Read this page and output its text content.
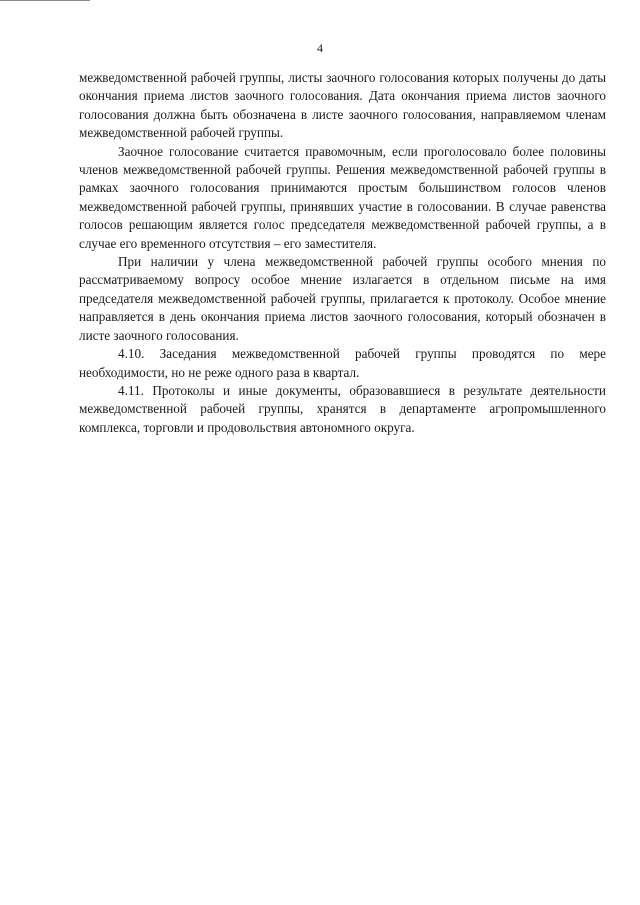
4

межведомственной рабочей группы, листы заочного голосования которых получены до даты окончания приема листов заочного голосования. Дата окончания приема листов заочного голосования должна быть обозначена в листе заочного голосования, направляемом членам межведомственной рабочей группы.

Заочное голосование считается правомочным, если проголосовало более половины членов межведомственной рабочей группы. Решения межведомственной рабочей группы в рамках заочного голосования принимаются простым большинством голосов членов межведомственной рабочей группы, принявших участие в голосовании. В случае равенства голосов решающим является голос председателя межведомственной рабочей группы, а в случае его временного отсутствия – его заместителя.

При наличии у члена межведомственной рабочей группы особого мнения по рассматриваемому вопросу особое мнение излагается в отдельном письме на имя председателя межведомственной рабочей группы, прилагается к протоколу. Особое мнение направляется в день окончания приема листов заочного голосования, который обозначен в листе заочного голосования.

4.10. Заседания межведомственной рабочей группы проводятся по мере необходимости, но не реже одного раза в квартал.

4.11. Протоколы и иные документы, образовавшиеся в результате деятельности межведомственной рабочей группы, хранятся в департаменте агропромышленного комплекса, торговли и продовольствия автономного округа.
